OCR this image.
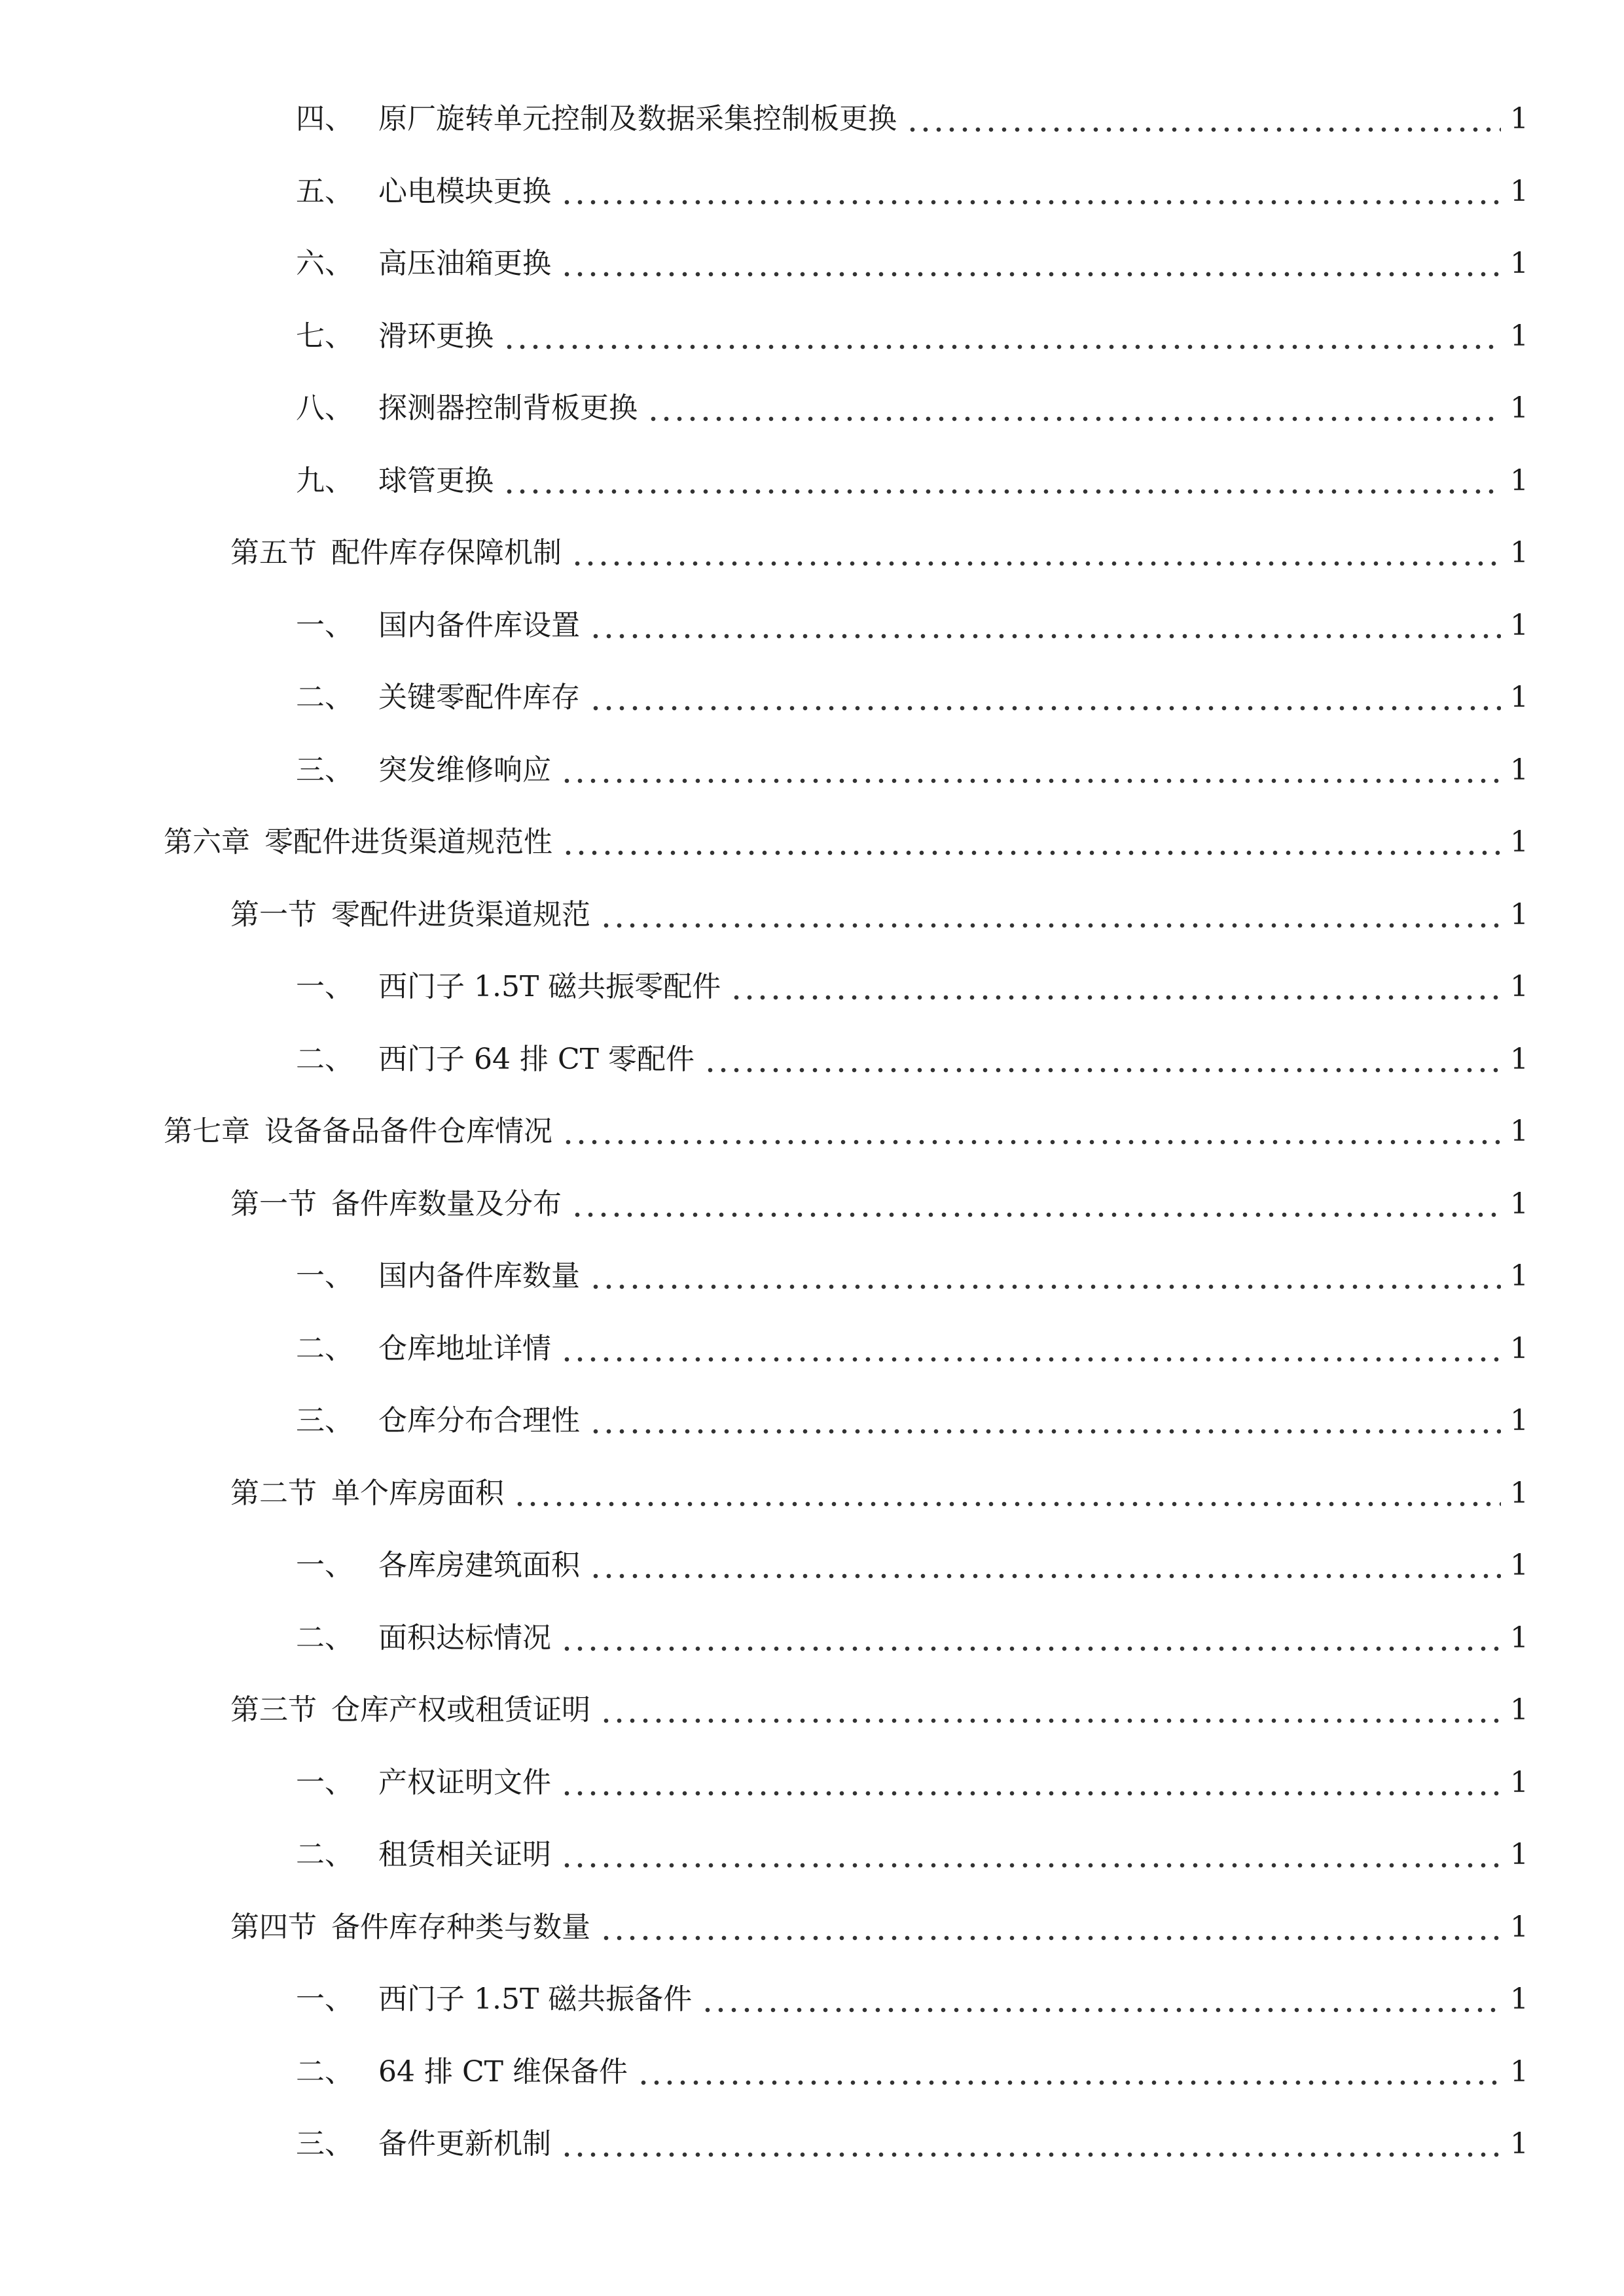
四、 原厂旋转单元控制及数据采集控制板更换	1
五、 心电模块更换	1
六、 高压油箱更换	1
七、 滑环更换	1
八、 探测器控制背板更换	1
九、 球管更换	1
第五节 配件库存保障机制	1
一、 国内备件库设置	1
二、 关键零配件库存	1
三、 突发维修响应	1
第六章 零配件进货渠道规范性	1
第一节 零配件进货渠道规范	1
一、 西门子 1.5T 磁共振零配件	1
二、 西门子 64 排 CT 零配件	1
第七章 设备备品备件仓库情况	1
第一节 备件库数量及分布	1
一、 国内备件库数量	1
二、 仓库地址详情	1
三、 仓库分布合理性	1
第二节 单个库房面积	1
一、 各库房建筑面积	1
二、 面积达标情况	1
第三节 仓库产权或租赁证明	1
一、 产权证明文件	1
二、 租赁相关证明	1
第四节 备件库存种类与数量	1
一、 西门子 1.5T 磁共振备件	1
二、 64 排 CT 维保备件	1
三、 备件更新机制	1
